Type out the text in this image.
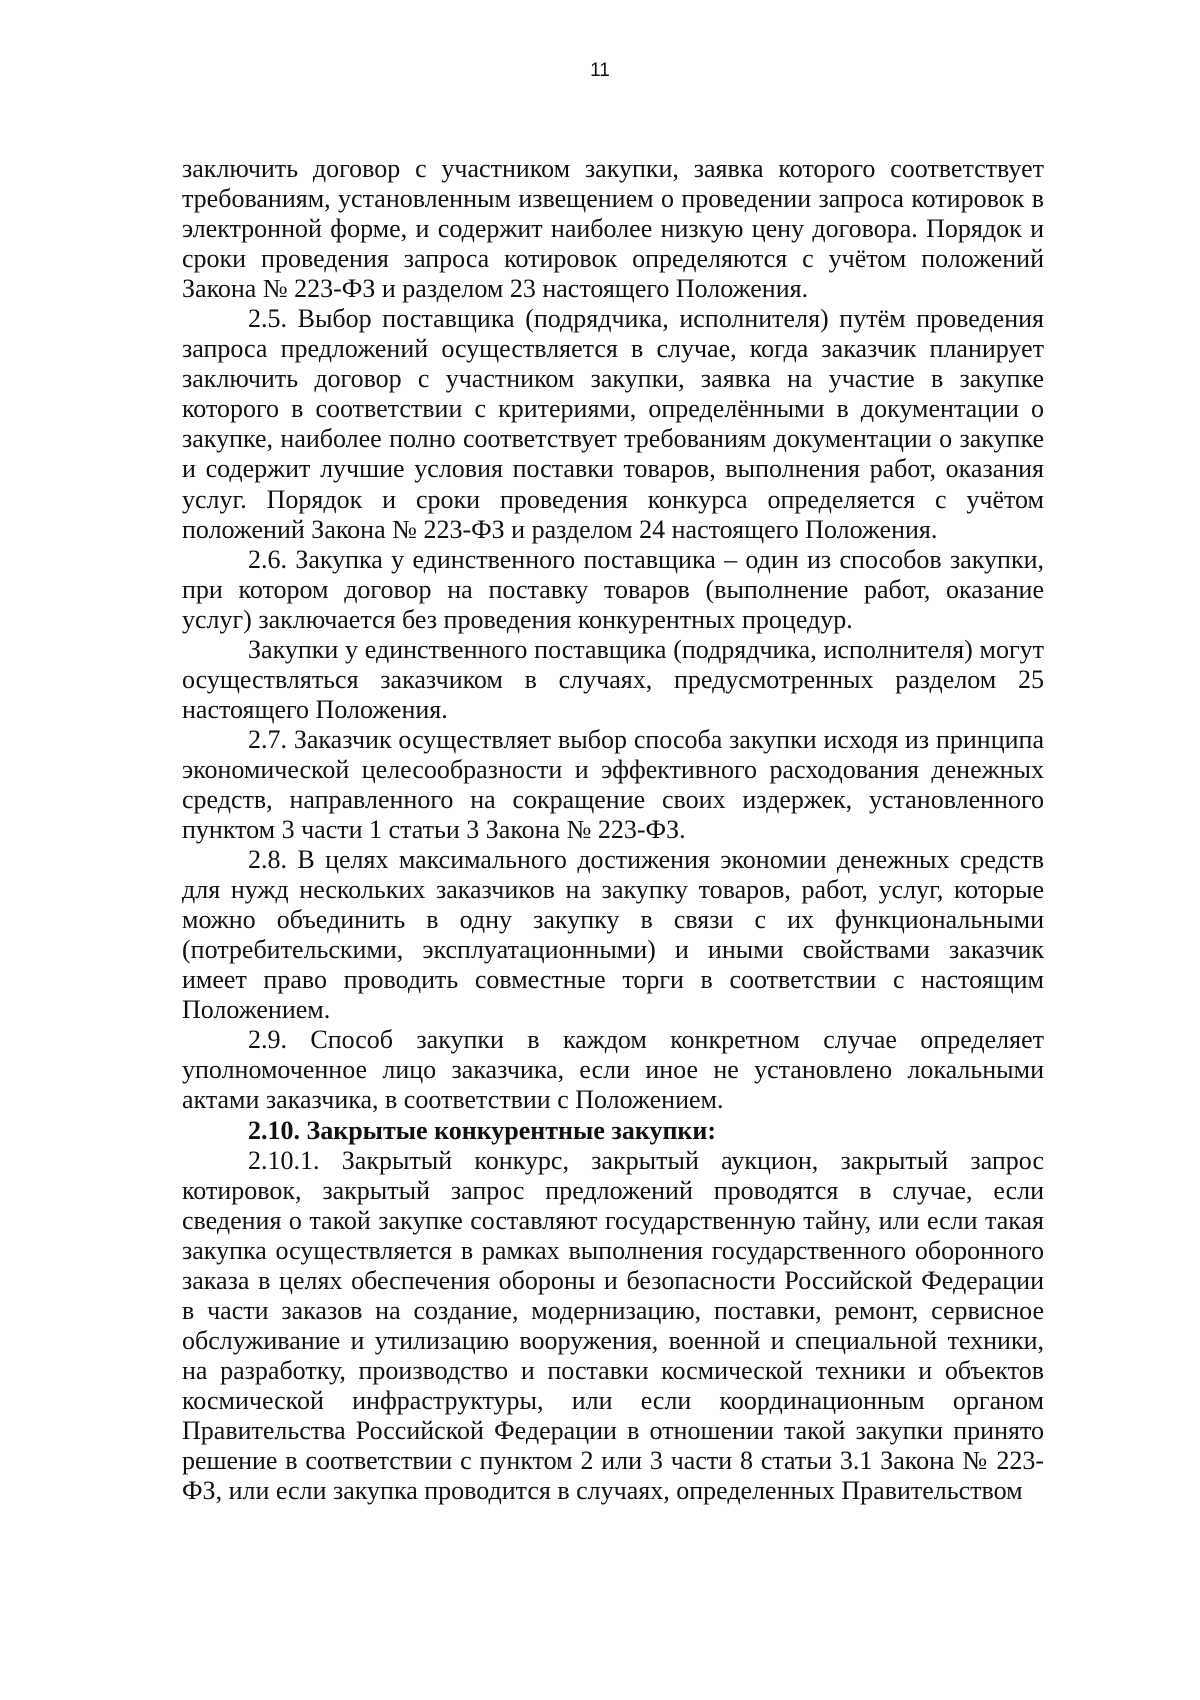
11

заключить договор с участником закупки, заявка которого соответствует требованиям, установленным извещением о проведении запроса котировок в электронной форме, и содержит наиболее низкую цену договора. Порядок и сроки проведения запроса котировок определяются с учётом положений Закона № 223-ФЗ и разделом 23 настоящего Положения.

2.5. Выбор поставщика (подрядчика, исполнителя) путём проведения запроса предложений осуществляется в случае, когда заказчик планирует заключить договор с участником закупки, заявка на участие в закупке которого в соответствии с критериями, определёнными в документации о закупке, наиболее полно соответствует требованиям документации о закупке и содержит лучшие условия поставки товаров, выполнения работ, оказания услуг. Порядок и сроки проведения конкурса определяется с учётом положений Закона № 223-ФЗ и разделом 24 настоящего Положения.

2.6. Закупка у единственного поставщика – один из способов закупки, при котором договор на поставку товаров (выполнение работ, оказание услуг) заключается без проведения конкурентных процедур.

Закупки у единственного поставщика (подрядчика, исполнителя) могут осуществляться заказчиком в случаях, предусмотренных разделом 25 настоящего Положения.

2.7. Заказчик осуществляет выбор способа закупки исходя из принципа экономической целесообразности и эффективного расходования денежных средств, направленного на сокращение своих издержек, установленного пунктом 3 части 1 статьи 3 Закона № 223-ФЗ.

2.8. В целях максимального достижения экономии денежных средств для нужд нескольких заказчиков на закупку товаров, работ, услуг, которые можно объединить в одну закупку в связи с их функциональными (потребительскими, эксплуатационными) и иными свойствами заказчик имеет право проводить совместные торги в соответствии с настоящим Положением.

2.9. Способ закупки в каждом конкретном случае определяет уполномоченное лицо заказчика, если иное не установлено локальными актами заказчика, в соответствии с Положением.

2.10. Закрытые конкурентные закупки:

2.10.1. Закрытый конкурс, закрытый аукцион, закрытый запрос котировок, закрытый запрос предложений проводятся в случае, если сведения о такой закупке составляют государственную тайну, или если такая закупка осуществляется в рамках выполнения государственного оборонного заказа в целях обеспечения обороны и безопасности Российской Федерации в части заказов на создание, модернизацию, поставки, ремонт, сервисное обслуживание и утилизацию вооружения, военной и специальной техники, на разработку, производство и поставки космической техники и объектов космической инфраструктуры, или если координационным органом Правительства Российской Федерации в отношении такой закупки принято решение в соответствии с пунктом 2 или 3 части 8 статьи 3.1 Закона № 223-ФЗ, или если закупка проводится в случаях, определенных Правительством
